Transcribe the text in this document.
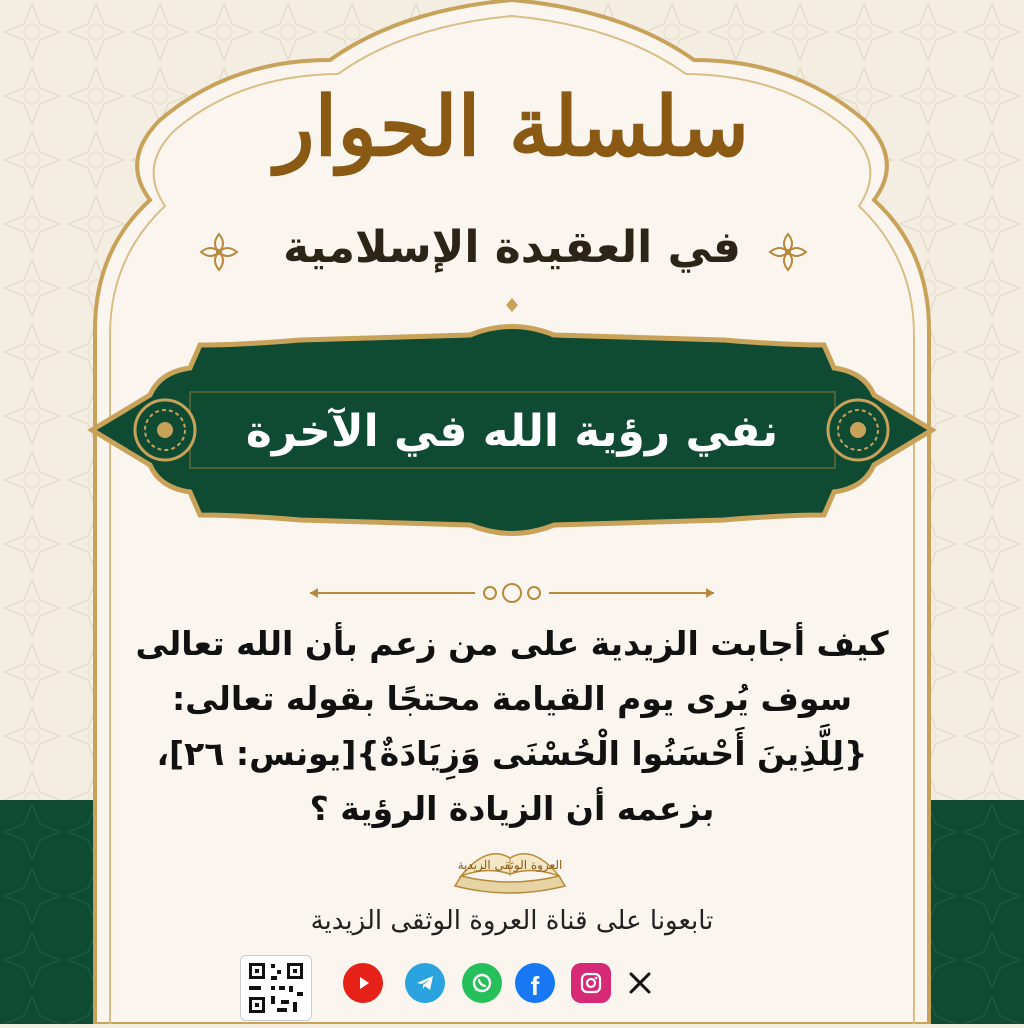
سلسلة الحوار
في العقيدة الإسلامية
نفي رؤية الله في الآخرة
كيف أجابت الزيدية على من زعم بأن الله تعالى
سوف يُرى يوم القيامة محتجًا بقوله تعالى:
{لِلَّذِينَ أَحْسَنُوا الْحُسْنَى وَزِيَادَةٌ}[يونس: ٢٦]،
بزعمه أن الزيادة الرؤية ؟
العروة الوثقى الزيدية
تابعونا على قناة العروة الوثقى الزيدية
f
